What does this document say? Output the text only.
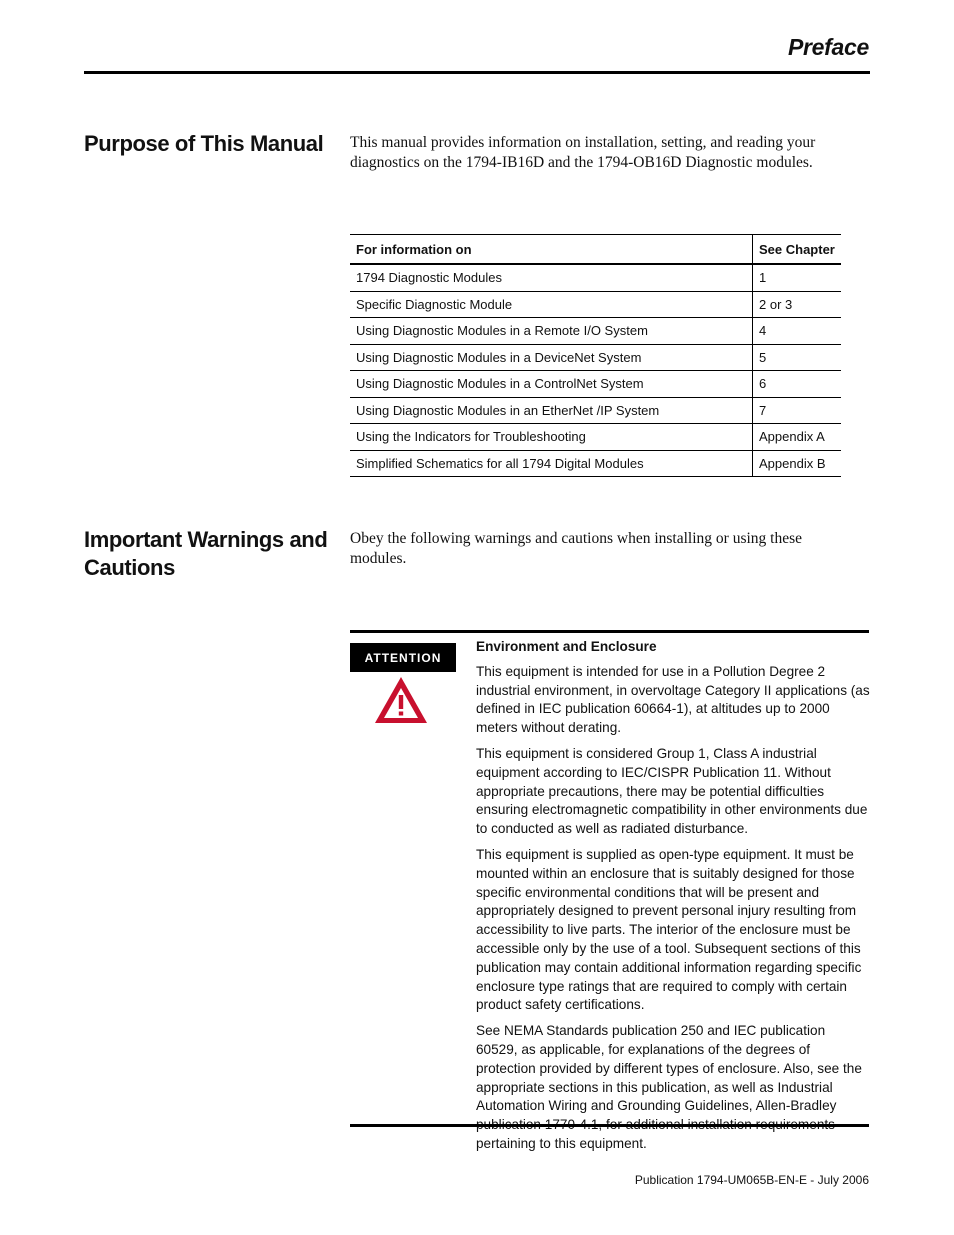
Preface
Purpose of This Manual This manual provides information on installation, setting, and reading your diagnostics on the 1794-IB16D and the 1794-OB16D Diagnostic modules.
For information on	See Chapter
1794 Diagnostic Modules	1
Specific Diagnostic Module	2 or 3
Using Diagnostic Modules in a Remote I/O System	4
Using Diagnostic Modules in a DeviceNet System	5
Using Diagnostic Modules in a ControlNet System	6
Using Diagnostic Modules in an EtherNet /IP System	7
Using the Indicators for Troubleshooting	Appendix A
Simplified Schematics for all 1794 Digital Modules	Appendix B
Important Warnings and
Cautions
Obey the following warnings and cautions when installing or using these modules.
ATTENTION

Environment and Enclosure

This equipment is intended for use in a Pollution Degree 2 industrial environment, in overvoltage Category II applications (as defined in IEC publication 60664-1), at altitudes up to 2000 meters without derating.

This equipment is considered Group 1, Class A industrial equipment according to IEC/CISPR Publication 11. Without appropriate precautions, there may be potential difficulties ensuring electromagnetic compatibility in other environments due to conducted as well as radiated disturbance.

This equipment is supplied as open-type equipment. It must be mounted within an enclosure that is suitably designed for those specific environmental conditions that will be present and appropriately designed to prevent personal injury resulting from accessibility to live parts. The interior of the enclosure must be accessible only by the use of a tool. Subsequent sections of this publication may contain additional information regarding specific enclosure type ratings that are required to comply with certain product safety certifications.

See NEMA Standards publication 250 and IEC publication 60529, as applicable, for explanations of the degrees of protection provided by different types of enclosure. Also, see the appropriate sections in this publication, as well as Industrial Automation Wiring and Grounding Guidelines, Allen-Bradley pertaining to this equipment.

Publication 1794-UM065B-EN-E - July 2006
